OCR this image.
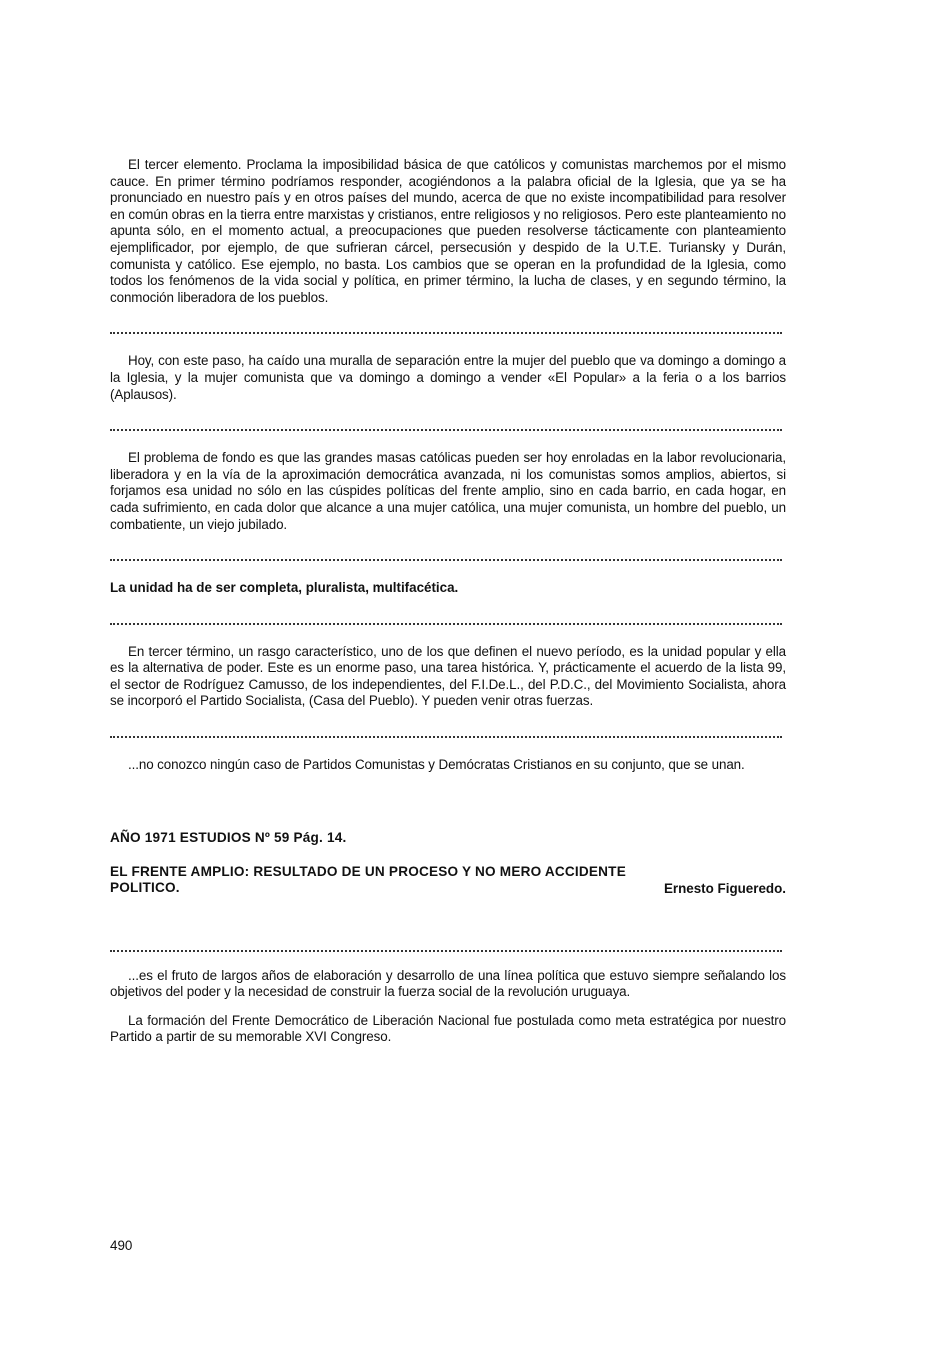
El tercer elemento. Proclama la imposibilidad básica de que católicos y comunistas marchemos por el mismo cauce. En primer término podríamos responder, acogiéndonos a la palabra oficial de la Iglesia, que ya se ha pronunciado en nuestro país y en otros países del mundo, acerca de que no existe incompatibilidad para resolver en común obras en la tierra entre marxistas y cristianos, entre religiosos y no religiosos. Pero este planteamiento no apunta sólo, en el momento actual, a preocupaciones que pueden resolverse tácticamente con planteamiento ejemplificador, por ejemplo, de que sufrieran cárcel, persecusión y despido de la U.T.E. Turiansky y Durán, comunista y católico. Ese ejemplo, no basta. Los cambios que se operan en la profundidad de la Iglesia, como todos los fenómenos de la vida social y política, en primer término, la lucha de clases, y en segundo término, la conmoción liberadora de los pueblos.

Hoy, con este paso, ha caído una muralla de separación entre la mujer del pueblo que va domingo a domingo a la Iglesia, y la mujer comunista que va domingo a domingo a vender «El Popular» a la feria o a los barrios (Aplausos).

El problema de fondo es que las grandes masas católicas pueden ser hoy enroladas en la labor revolucionaria, liberadora y en la vía de la aproximación democrática avanzada, ni los comunistas somos amplios, abiertos, si forjamos esa unidad no sólo en las cúspides políticas del frente amplio, sino en cada barrio, en cada hogar, en cada sufrimiento, en cada dolor que alcance a una mujer católica, una mujer comunista, un hombre del pueblo, un combatiente, un viejo jubilado.

La unidad ha de ser completa, pluralista, multifacética.

En tercer término, un rasgo característico, uno de los que definen el nuevo período, es la unidad popular y ella es la alternativa de poder. Este es un enorme paso, una tarea histórica. Y, prácticamente el acuerdo de la lista 99, el sector de Rodríguez Camusso, de los independientes, del F.I.De.L., del P.D.C., del Movimiento Socialista, ahora se incorporó el Partido Socialista, (Casa del Pueblo). Y pueden venir otras fuerzas.

...no conozco ningún caso de Partidos Comunistas y Demócratas Cristianos en su conjunto, que se unan.

AÑO 1971 ESTUDIOS Nº 59 Pág. 14.

EL FRENTE AMPLIO: RESULTADO DE UN PROCESO Y NO MERO ACCIDENTE

POLITICO.	Ernesto Figueredo.

...es el fruto de largos años de elaboración y desarrollo de una línea política que estuvo siempre señalando los objetivos del poder y la necesidad de construir la fuerza social de la revolución uruguaya.

La formación del Frente Democrático de Liberación Nacional fue postulada como meta estratégica por nuestro Partido a partir de su memorable XVI Congreso.

490
